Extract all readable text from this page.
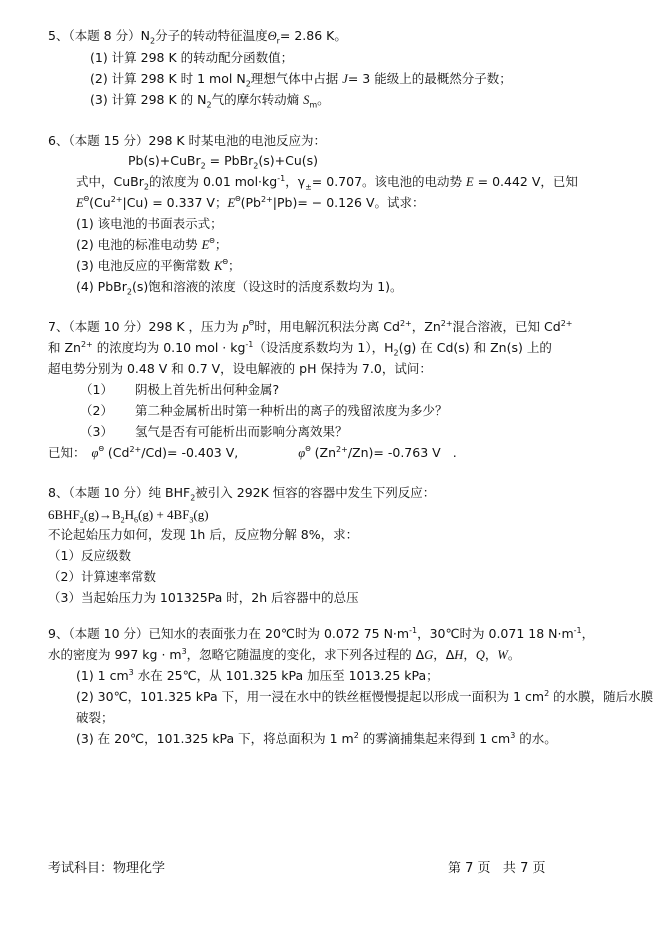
5、（本题 8 分）$N_2$分子的转动特征温度$\Theta_r= 2.86$ K。
(1) 计算 298 K 的转动配分函数值；
(2) 计算 298 K 时 1 mol $N_2$理想气体中占据 J= 3 能级上的最概然分子数；
(3) 计算 298 K 的 $N_2$气的摩尔转动熵 $S_m$。
6、（本题 15 分）298 K 时某电池的电池反应为：
Pb(s)+CuBr$_2$ = PbBr$_2$(s)+Cu(s)
式中，CuBr$_2$的浓度为 0.01 $mol\cdot kg^{-1}$，$\gamma_\pm= 0.707$。该电池的电动势 E = 0.442 V，已知
$E^\Theta(Cu^{2+}|Cu) = 0.337$ V；$E^\Theta(Pb^{2+}|Pb)= - 0.126$ V。试求：
(1) 该电池的书面表示式；
(2) 电池的标准电动势 $E^\Theta$；
(3) 电池反应的平衡常数 $K^\Theta$；
(4) PbBr$_2$(s)饱和溶液的浓度（设这时的活度系数均为 1)。
7、（本题 10 分）298 K ，压力为 $p^\Theta$时，用电解沉积法分离 $Cd^{2+}$，$Zn^{2+}$混合溶液，已知 $Cd^{2+}$
和 $Zn^{2+}$ 的浓度均为 0.10 mol · $kg^{-1}$（设活度系数均为 1），$H_2(g)$ 在 Cd(s) 和 Zn(s) 上的
超电势分别为 0.48 V 和 0.7 V，设电解液的 pH 保持为 7.0，试问：
（1） 阴极上首先析出何种金属?
（2） 第二种金属析出时第一种析出的离子的残留浓度为多少？
（3） 氢气是否有可能析出而影响分离效果？
已知： $\varphi^\Theta$ $(Cd^{2+}/Cd)= -0.403$ V,	$\varphi^\Theta$ $(Zn^{2+}/Zn)= -0.763$ V .
8、（本题 10 分）纯 $BHF_2$被引入 292K 恒容的容器中发生下列反应：
$6BHF_2(g)\to B_2H_6(g) + 4BF_3(g)$
不论起始压力如何，发现 1h 后，反应物分解 8%，求：
（1）反应级数
（2）计算速率常数
（3）当起始压力为 101325Pa 时，2h 后容器中的总压
9、（本题 10 分）已知水的表面张力在 20℃时为 0.072 75 $N\cdot m^{-1}$，30℃时为 0.071 18 $N\cdot m^{-1}$，
水的密度为 997 kg · $m^3$，忽略它随温度的变化，求下列各过程的 ΔG，ΔH，Q，W。
(1) 1 $cm^3$ 水在 25℃，从 101.325 kPa 加压至 1013.25 kPa；
(2) 30℃，101.325 kPa 下，用一浸在水中的铁丝框慢慢提起以形成一面积为 1 $cm^2$ 的水膜，随后水膜
破裂；
(3) 在 20℃，101.325 kPa 下，将总面积为 1 $m^2$ 的雾滴捕集起来得到 1 $cm^3$ 的水。
考试科目：物理化学	第 7 页   共 7 页
